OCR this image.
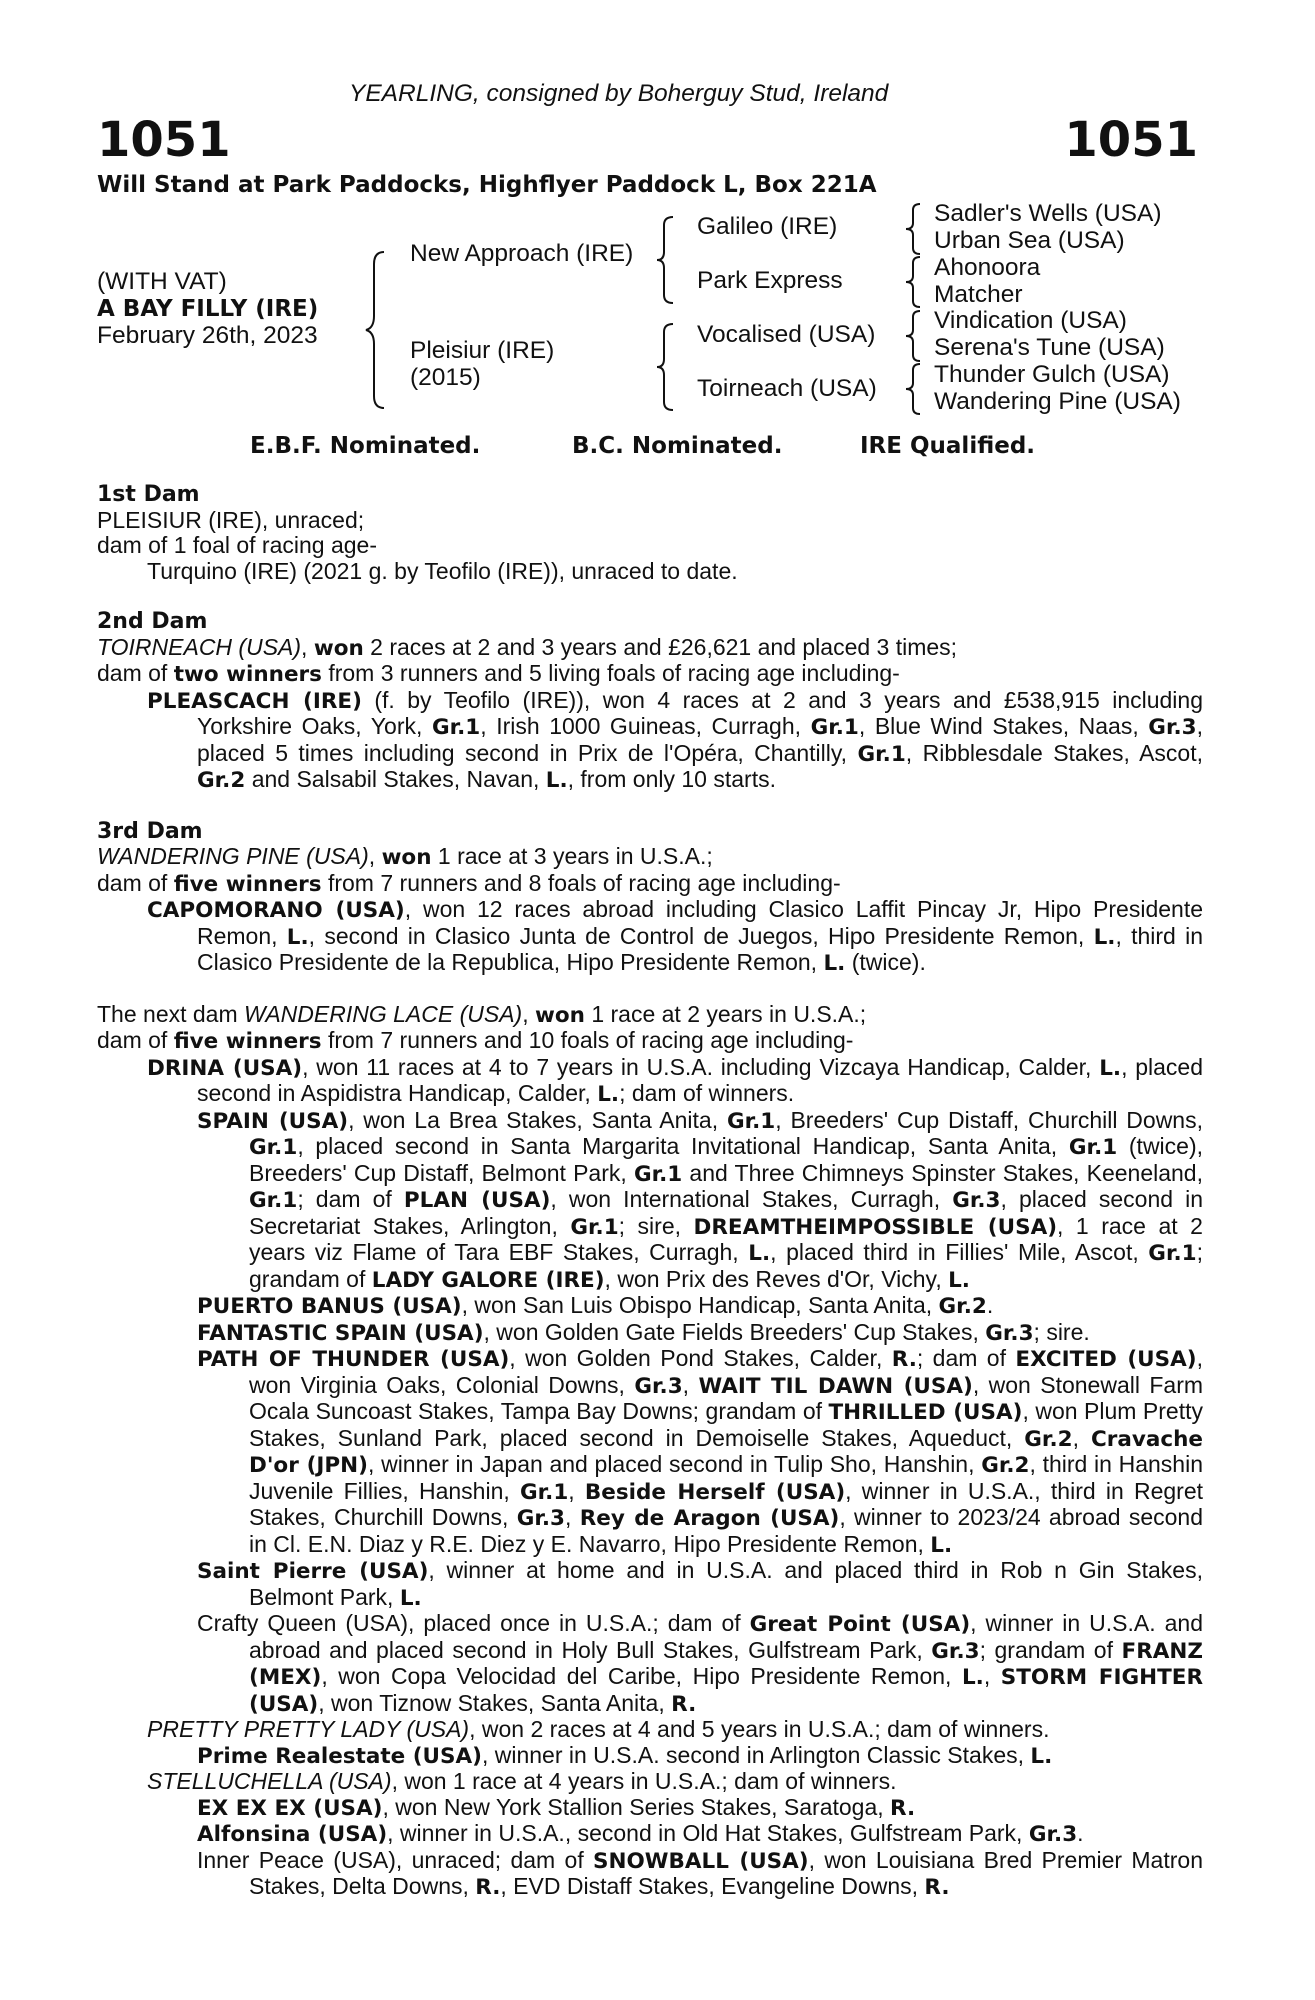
YEARLING, consigned by Boherguy Stud, Ireland
1051	1051
Will Stand at Park Paddocks, Highflyer Paddock L, Box 221A
(WITH VAT)
A BAY FILLY (IRE)
February 26th, 2023
New Approach (IRE)
Pleisiur (IRE)
(2015)
Galileo (IRE)
Park Express
Vocalised (USA)
Toirneach (USA)
Sadler's Wells (USA)
Urban Sea (USA)
Ahonoora
Matcher
Vindication (USA)
Serena's Tune (USA)
Thunder Gulch (USA)
Wandering Pine (USA)
E.B.F. Nominated.	B.C. Nominated.	IRE Qualified.

1st Dam

PLEISIUR (IRE), unraced;

dam of 1 foal of racing age-

Turquino (IRE) (2021 g. by Teofilo (IRE)), unraced to date.

2nd Dam

TOIRNEACH (USA), won 2 races at 2 and 3 years and £26,621 and placed 3 times;

dam of two winners from 3 runners and 5 living foals of racing age including-

PLEASCACH (IRE) (f. by Teofilo (IRE)), won 4 races at 2 and 3 years and £538,915 including Yorkshire Oaks, York, Gr.1, Irish 1000 Guineas, Curragh, Gr.1, Blue Wind Stakes, Naas, Gr.3, placed 5 times including second in Prix de l'Opéra, Chantilly, Gr.1, Ribblesdale Stakes, Ascot, Gr.2 and Salsabil Stakes, Navan, L., from only 10 starts.

3rd Dam

WANDERING PINE (USA), won 1 race at 3 years in U.S.A.;

dam of five winners from 7 runners and 8 foals of racing age including-

CAPOMORANO (USA), won 12 races abroad including Clasico Laffit Pincay Jr, Hipo Presidente Remon, L., second in Clasico Junta de Control de Juegos, Hipo Presidente Remon, L., third in Clasico Presidente de la Republica, Hipo Presidente Remon, L. (twice).

The next dam WANDERING LACE (USA), won 1 race at 2 years in U.S.A.;

dam of five winners from 7 runners and 10 foals of racing age including-

DRINA (USA), won 11 races at 4 to 7 years in U.S.A. including Vizcaya Handicap, Calder, L., placed second in Aspidistra Handicap, Calder, L.; dam of winners.

SPAIN (USA), won La Brea Stakes, Santa Anita, Gr.1, Breeders' Cup Distaff, Churchill Downs, Gr.1, placed second in Santa Margarita Invitational Handicap, Santa Anita, Gr.1 (twice), Breeders' Cup Distaff, Belmont Park, Gr.1 and Three Chimneys Spinster Stakes, Keeneland, Gr.1; dam of PLAN (USA), won International Stakes, Curragh, Gr.3, placed second in Secretariat Stakes, Arlington, Gr.1; sire, DREAMTHEIMPOSSIBLE (USA), 1 race at 2 years viz Flame of Tara EBF Stakes, Curragh, L., placed third in Fillies' Mile, Ascot, Gr.1; grandam of LADY GALORE (IRE), won Prix des Reves d'Or, Vichy, L.

PUERTO BANUS (USA), won San Luis Obispo Handicap, Santa Anita, Gr.2.

FANTASTIC SPAIN (USA), won Golden Gate Fields Breeders' Cup Stakes, Gr.3; sire.

PATH OF THUNDER (USA), won Golden Pond Stakes, Calder, R.; dam of EXCITED (USA), won Virginia Oaks, Colonial Downs, Gr.3, WAIT TIL DAWN (USA), won Stonewall Farm Ocala Suncoast Stakes, Tampa Bay Downs; grandam of THRILLED (USA), won Plum Pretty Stakes, Sunland Park, placed second in Demoiselle Stakes, Aqueduct, Gr.2, Cravache D'or (JPN), winner in Japan and placed second in Tulip Sho, Hanshin, Gr.2, third in Hanshin Juvenile Fillies, Hanshin, Gr.1, Beside Herself (USA), winner in U.S.A., third in Regret Stakes, Churchill Downs, Gr.3, Rey de Aragon (USA), winner to 2023/24 abroad second in Cl. E.N. Diaz y R.E. Diez y E. Navarro, Hipo Presidente Remon, L.

Saint Pierre (USA), winner at home and in U.S.A. and placed third in Rob n Gin Stakes, Belmont Park, L.

Crafty Queen (USA), placed once in U.S.A.; dam of Great Point (USA), winner in U.S.A. and abroad and placed second in Holy Bull Stakes, Gulfstream Park, Gr.3; grandam of FRANZ (MEX), won Copa Velocidad del Caribe, Hipo Presidente Remon, L., STORM FIGHTER (USA), won Tiznow Stakes, Santa Anita, R.

PRETTY PRETTY LADY (USA), won 2 races at 4 and 5 years in U.S.A.; dam of winners.

Prime Realestate (USA), winner in U.S.A. second in Arlington Classic Stakes, L.

STELLUCHELLA (USA), won 1 race at 4 years in U.S.A.; dam of winners.

EX EX EX (USA), won New York Stallion Series Stakes, Saratoga, R.

Alfonsina (USA), winner in U.S.A., second in Old Hat Stakes, Gulfstream Park, Gr.3.

Inner Peace (USA), unraced; dam of SNOWBALL (USA), won Louisiana Bred Premier Matron Stakes, Delta Downs, R., EVD Distaff Stakes, Evangeline Downs, R.
